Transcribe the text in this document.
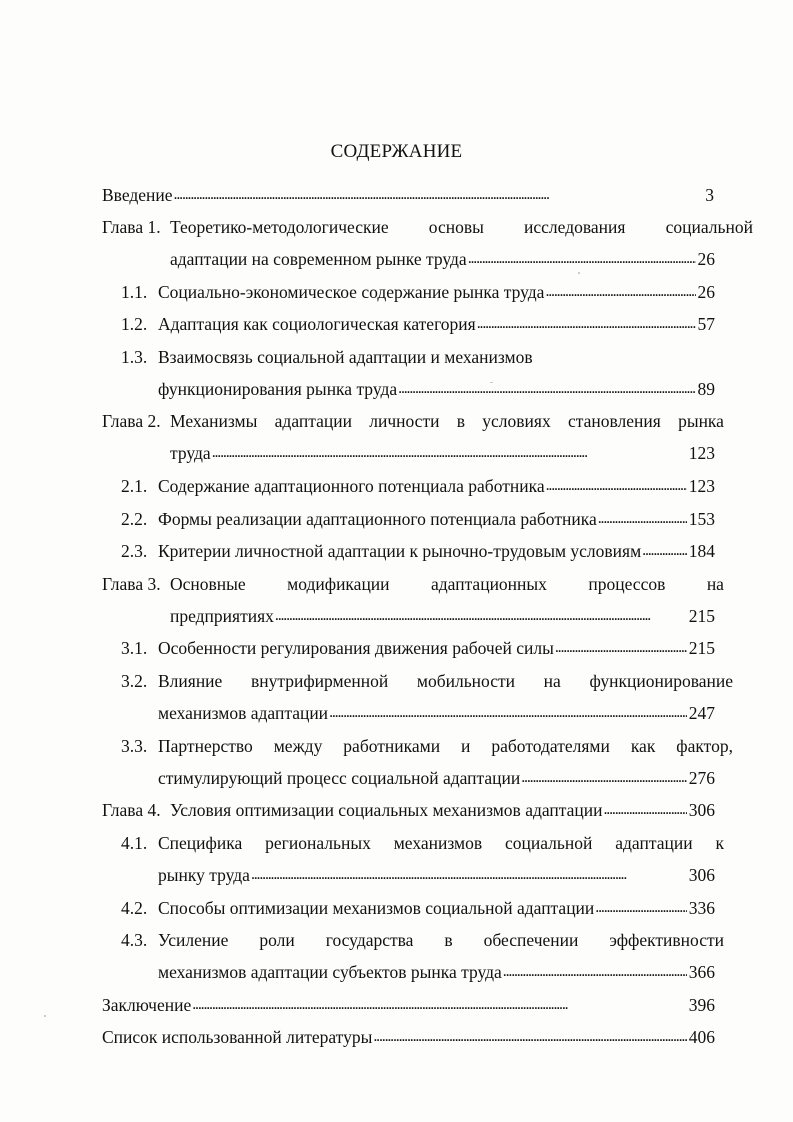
СОДЕРЖАНИЕ
Введение . . .	3
Глава 1. Теоретико-методологические основы исследования социальной
адаптации на современном рынке труда . . .	26
1.1. Социально-экономическое содержание рынка труда . . .	26
1.2. Адаптация как социологическая категория . . .	57
1.3. Взаимосвязь социальной адаптации и механизмов
функционирования рынка труда . . .	89
Глава 2. Механизмы адаптации личности в условиях становления рынка
труда . . .	123
2.1. Содержание адаптационного потенциала работника . . .	123
2.2. Формы реализации адаптационного потенциала работника . . .	153
2.3. Критерии личностной адаптации к рыночно-трудовым условиям . . .	184
Глава 3. Основные модификации адаптационных процессов на
предприятиях . . .	215
3.1. Особенности регулирования движения рабочей силы . . .	215
3.2. Влияние внутрифирменной мобильности на функционирование
механизмов адаптации . . .	247
3.3. Партнерство между работниками и работодателями как фактор,
стимулирующий процесс социальной адаптации . . .	276
Глава 4. Условия оптимизации социальных механизмов адаптации . . .	306
4.1. Специфика региональных механизмов социальной адаптации к
рынку труда . . .	306
4.2. Способы оптимизации механизмов социальной адаптации . . .	336
4.3. Усиление роли государства в обеспечении эффективности
механизмов адаптации субъектов рынка труда . . .	366
Заключение . . .	396
Список использованной литературы . . .	406
